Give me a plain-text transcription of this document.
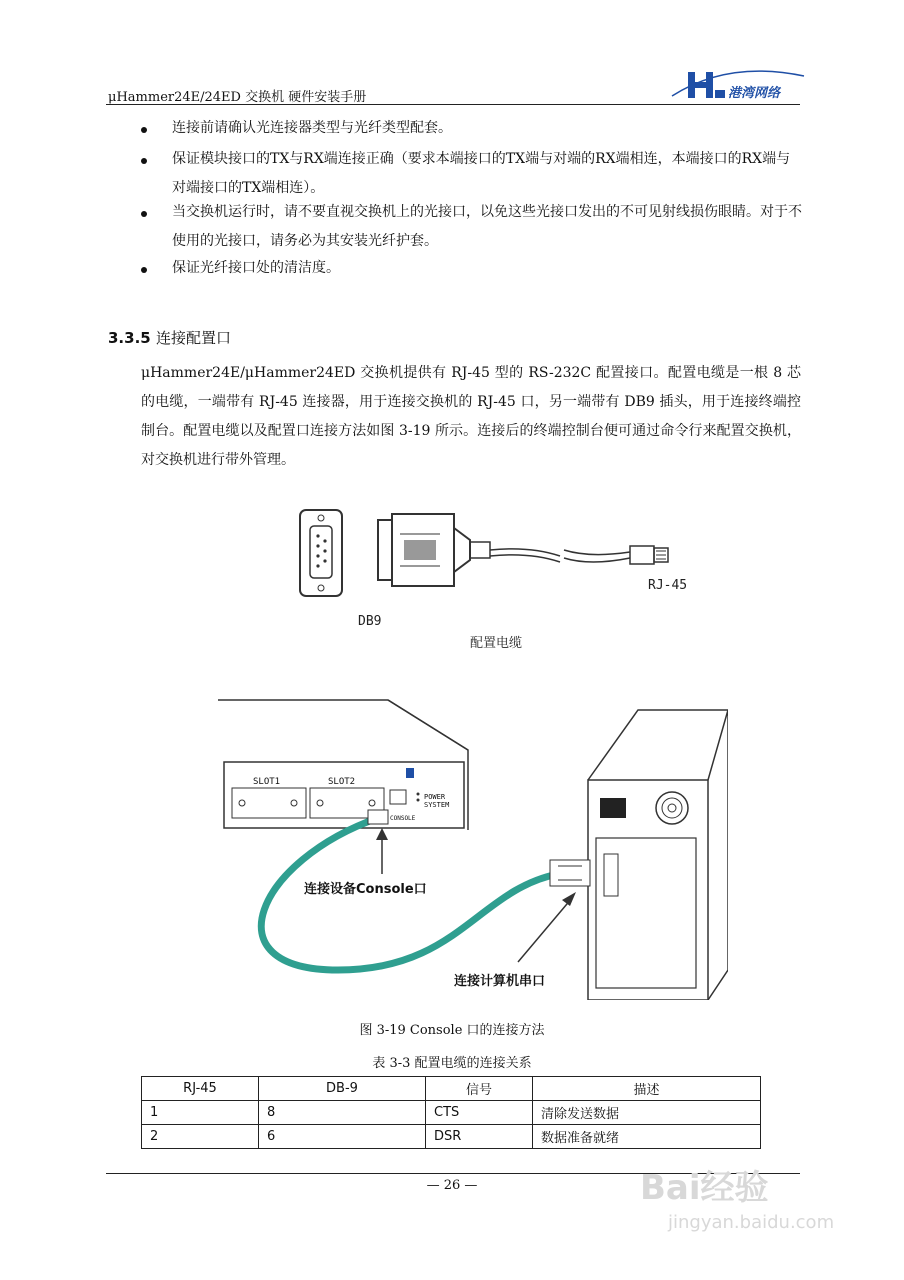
μHammer24E/24ED 交换机 硬件安装手册	港湾网络
连接前请确认光连接器类型与光纤类型配套。
保证模块接口的TX与RX端连接正确（要求本端接口的TX端与对端的RX端相连，本端接口的RX端与对端接口的TX端相连）。
当交换机运行时，请不要直视交换机上的光接口，以免这些光接口发出的不可见射线损伤眼睛。对于不使用的光接口，请务必为其安装光纤护套。
保证光纤接口处的清洁度。
3.3.5 连接配置口
μHammer24E/μHammer24ED 交换机提供有 RJ-45 型的 RS-232C 配置接口。配置电缆是一根 8 芯的电缆，一端带有 RJ-45 连接器，用于连接交换机的 RJ-45 口，另一端带有 DB9 插头，用于连接终端控制台。配置电缆以及配置口连接方法如图 3-19 所示。连接后的终端控制台便可通过命令行来配置交换机，对交换机进行带外管理。
DB9
RJ-45
配置电缆
SLOT1	SLOT2
POWER
SYSTEM
CONSOLE
连接设备Console口
连接计算机串口
图 3-19 Console 口的连接方法
表 3-3 配置电缆的连接关系
RJ-45	DB-9	信号	描述
1	8	CTS	清除发送数据
2	6	DSR	数据准备就绪
— 26 —	Bai经验
jingyan.baidu.com
